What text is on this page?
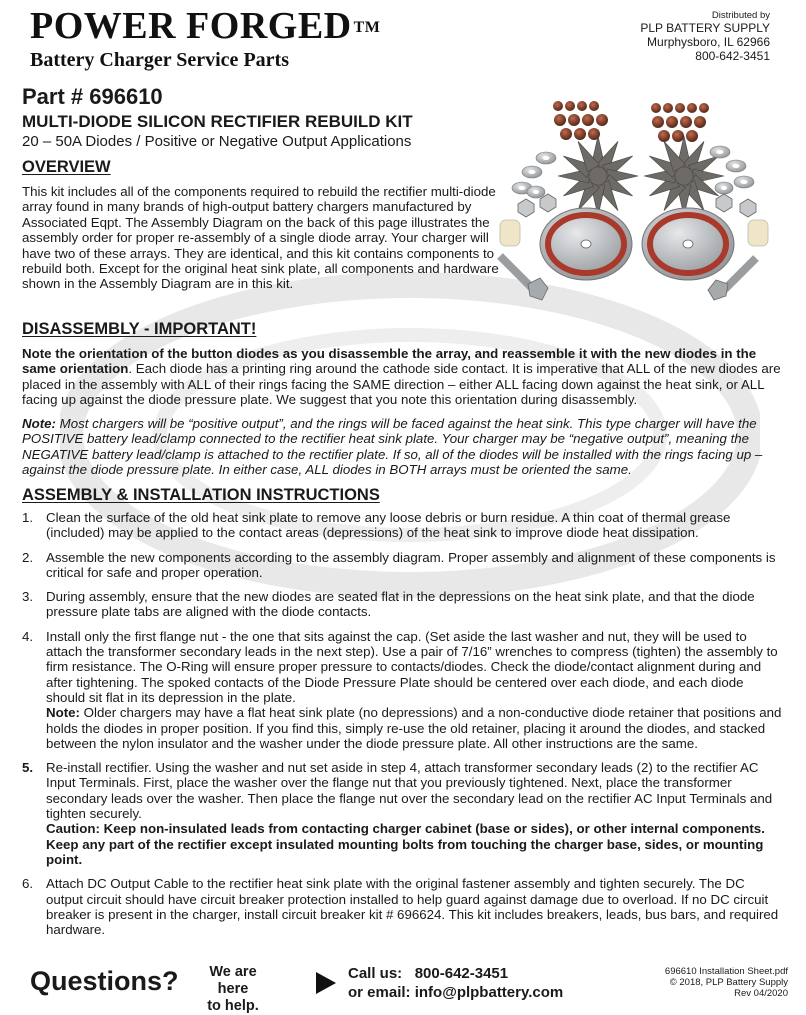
POWER FORGED ™
Battery Charger Service Parts
Distributed by
PLP BATTERY SUPPLY
Murphysboro, IL 62966
800-642-3451
Part # 696610
MULTI-DIODE SILICON RECTIFIER REBUILD KIT
20 – 50A Diodes / Positive or Negative Output Applications
OVERVIEW
This kit includes all of the components required to rebuild the rectifier multi-diode array found in many brands of high-output battery chargers manufactured by Associated Eqpt. The Assembly Diagram on the back of this page illustrates the assembly order for proper re-assembly of a single diode array. Your charger will have two of these arrays. They are identical, and this kit contains components to rebuild both. Except for the original heat sink plate, all components and hardware shown in the Assembly Diagram are in this kit.
DISASSEMBLY - IMPORTANT!
Note the orientation of the button diodes as you disassemble the array, and reassemble it with the new diodes in the same orientation. Each diode has a printing ring around the cathode side contact. It is imperative that ALL of the new diodes are placed in the assembly with ALL of their rings facing the SAME direction – either ALL facing down against the heat sink, or ALL facing up against the diode pressure plate. We suggest that you note this orientation during disassembly.
Note: Most chargers will be “positive output”, and the rings will be faced against the heat sink. This type charger will have the POSITIVE battery lead/clamp connected to the rectifier heat sink plate. Your charger may be “negative output”, meaning the NEGATIVE battery lead/clamp is attached to the rectifier plate. If so, all of the diodes will be installed with the rings facing up – against the diode pressure plate. In either case, ALL diodes in BOTH arrays must be oriented the same.
ASSEMBLY & INSTALLATION INSTRUCTIONS
1. Clean the surface of the old heat sink plate to remove any loose debris or burn residue. A thin coat of thermal grease (included) may be applied to the contact areas (depressions) of the heat sink to improve diode heat dissipation.
2. Assemble the new components according to the assembly diagram. Proper assembly and alignment of these components is critical for safe and proper operation.
3. During assembly, ensure that the new diodes are seated flat in the depressions on the heat sink plate, and that the diode pressure plate tabs are aligned with the diode contacts.
4. Install only the first flange nut - the one that sits against the cap. (Set aside the last washer and nut, they will be used to attach the transformer secondary leads in the next step). Use a pair of 7/16” wrenches to compress (tighten) the assembly to firm resistance. The O-Ring will ensure proper pressure to contacts/diodes. Check the diode/contact alignment during and after tightening. The spoked contacts of the Diode Pressure Plate should be centered over each diode, and each diode should sit flat in its depression in the plate.
Note: Older chargers may have a flat heat sink plate (no depressions) and a non-conductive diode retainer that positions and holds the diodes in proper position. If you find this, simply re-use the old retainer, placing it around the diodes, and stacked between the nylon insulator and the washer under the diode pressure plate. All other instructions are the same.
5. Re-install rectifier. Using the washer and nut set aside in step 4, attach transformer secondary leads (2) to the rectifier AC Input Terminals. First, place the washer over the flange nut that you previously tightened. Next, place the transformer secondary leads over the washer. Then place the flange nut over the secondary lead on the rectifier AC Input Terminals and tighten securely.
Caution: Keep non-insulated leads from contacting charger cabinet (base or sides), or other internal components. Keep any part of the rectifier except insulated mounting bolts from touching the charger base, sides, or mounting point.
6. Attach DC Output Cable to the rectifier heat sink plate with the original fastener assembly and tighten securely. The DC output circuit should have circuit breaker protection installed to help guard against damage due to overload. If no DC circuit breaker is present in the charger, install circuit breaker kit # 696624. This kit includes breakers, leads, bus bars, and required hardware.
Questions?	We are here
to help.
Call us: 800-642-3451
or email: info@plpbattery.com
696610 Installation Sheet.pdf
© 2018, PLP Battery Supply
Rev 04/2020
